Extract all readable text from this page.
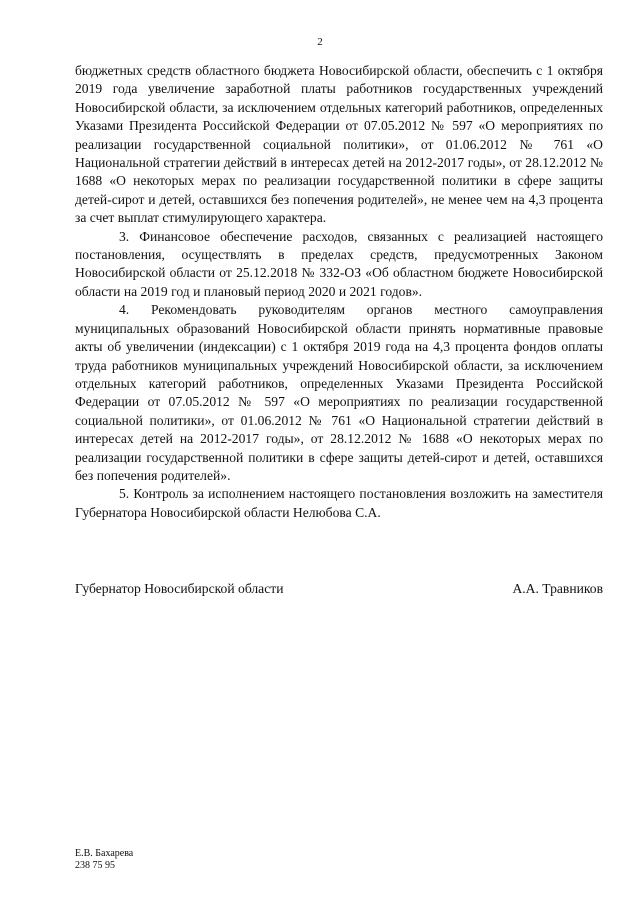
2

бюджетных средств областного бюджета Новосибирской области, обеспечить с 1 октября 2019 года увеличение заработной платы работников государственных учреждений Новосибирской области, за исключением отдельных категорий работников, определенных Указами Президента Российской Федерации от 07.05.2012 № 597 «О мероприятиях по реализации государственной социальной политики», от 01.06.2012 № 761 «О Национальной стратегии действий в интересах детей на 2012-2017 годы», от 28.12.2012 № 1688 «О некоторых мерах по реализации государственной политики в сфере защиты детей-сирот и детей, оставшихся без попечения родителей», не менее чем на 4,3 процента за счет выплат стимулирующего характера.

3. Финансовое обеспечение расходов, связанных с реализацией настоящего постановления, осуществлять в пределах средств, предусмотренных Законом Новосибирской области от 25.12.2018 № 332-ОЗ «Об областном бюджете Новосибирской области на 2019 год и плановый период 2020 и 2021 годов».

4. Рекомендовать руководителям органов местного самоуправления муниципальных образований Новосибирской области принять нормативные правовые акты об увеличении (индексации) с 1 октября 2019 года на 4,3 процента фондов оплаты труда работников муниципальных учреждений Новосибирской области, за исключением отдельных категорий работников, определенных Указами Президента Российской Федерации от 07.05.2012 № 597 «О мероприятиях по реализации государственной социальной политики», от 01.06.2012 № 761 «О Национальной стратегии действий в интересах детей на 2012-2017 годы», от 28.12.2012 № 1688 «О некоторых мерах по реализации государственной политики в сфере защиты детей-сирот и детей, оставшихся без попечения родителей».

5. Контроль за исполнением настоящего постановления возложить на заместителя Губернатора Новосибирской области Нелюбова С.А.

Губернатор Новосибирской области	А.А. Травников
Е.В. Бахарева
238 75 95
